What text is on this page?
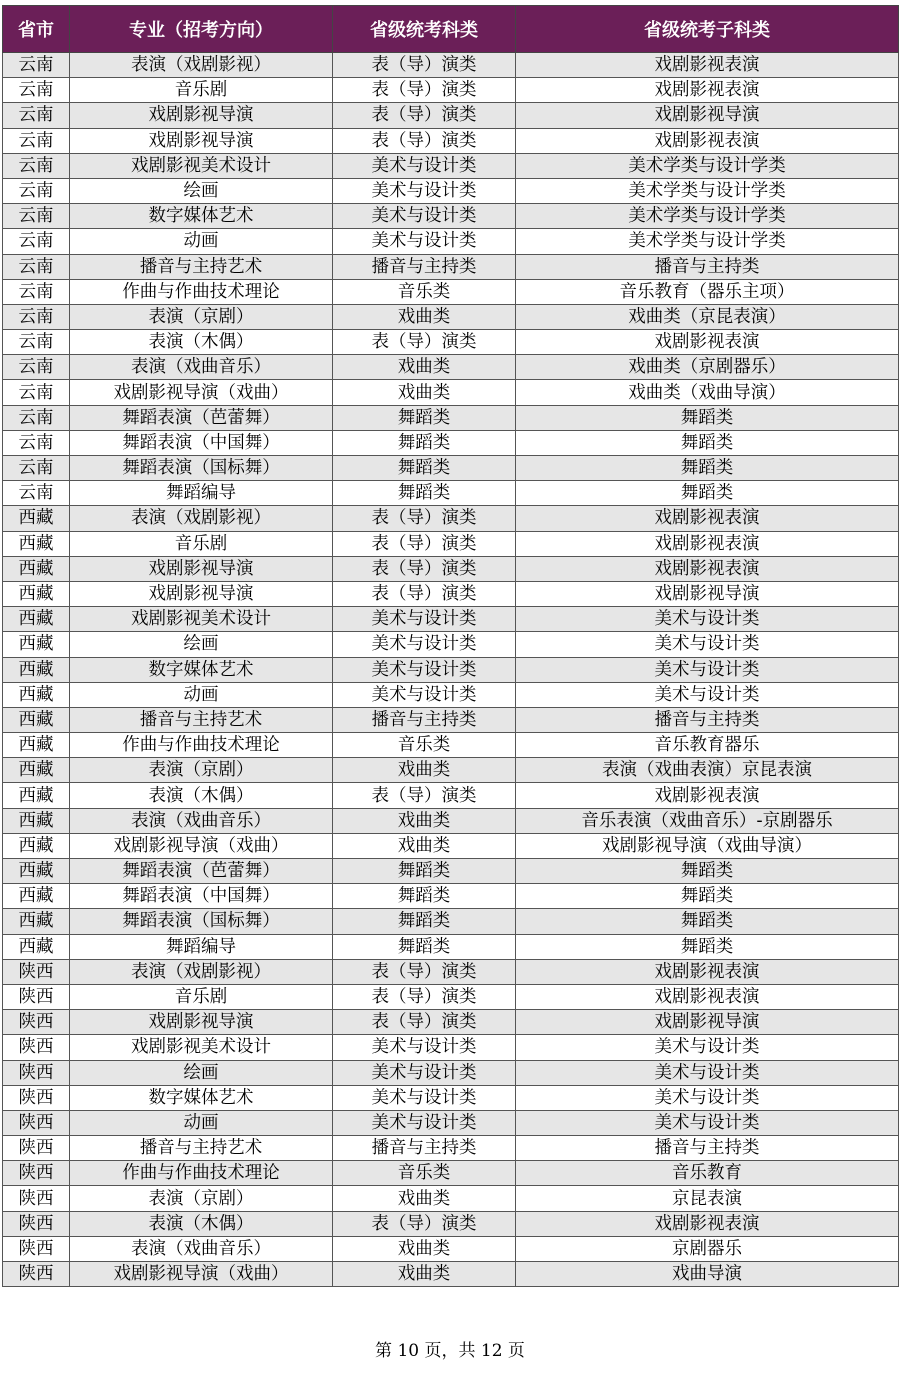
省市	专业（招考方向）	省级统考科类	省级统考子科类
云南	表演（戏剧影视）	表（导）演类	戏剧影视表演
云南	音乐剧	表（导）演类	戏剧影视表演
云南	戏剧影视导演	表（导）演类	戏剧影视导演
云南	戏剧影视导演	表（导）演类	戏剧影视表演
云南	戏剧影视美术设计	美术与设计类	美术学类与设计学类
云南	绘画	美术与设计类	美术学类与设计学类
云南	数字媒体艺术	美术与设计类	美术学类与设计学类
云南	动画	美术与设计类	美术学类与设计学类
云南	播音与主持艺术	播音与主持类	播音与主持类
云南	作曲与作曲技术理论	音乐类	音乐教育（器乐主项）
云南	表演（京剧）	戏曲类	戏曲类（京昆表演）
云南	表演（木偶）	表（导）演类	戏剧影视表演
云南	表演（戏曲音乐）	戏曲类	戏曲类（京剧器乐）
云南	戏剧影视导演（戏曲）	戏曲类	戏曲类（戏曲导演）
云南	舞蹈表演（芭蕾舞）	舞蹈类	舞蹈类
云南	舞蹈表演（中国舞）	舞蹈类	舞蹈类
云南	舞蹈表演（国标舞）	舞蹈类	舞蹈类
云南	舞蹈编导	舞蹈类	舞蹈类
西藏	表演（戏剧影视）	表（导）演类	戏剧影视表演
西藏	音乐剧	表（导）演类	戏剧影视表演
西藏	戏剧影视导演	表（导）演类	戏剧影视表演
西藏	戏剧影视导演	表（导）演类	戏剧影视导演
西藏	戏剧影视美术设计	美术与设计类	美术与设计类
西藏	绘画	美术与设计类	美术与设计类
西藏	数字媒体艺术	美术与设计类	美术与设计类
西藏	动画	美术与设计类	美术与设计类
西藏	播音与主持艺术	播音与主持类	播音与主持类
西藏	作曲与作曲技术理论	音乐类	音乐教育器乐
西藏	表演（京剧）	戏曲类	表演（戏曲表演）京昆表演
西藏	表演（木偶）	表（导）演类	戏剧影视表演
西藏	表演（戏曲音乐）	戏曲类	音乐表演（戏曲音乐）-京剧器乐
西藏	戏剧影视导演（戏曲）	戏曲类	戏剧影视导演（戏曲导演）
西藏	舞蹈表演（芭蕾舞）	舞蹈类	舞蹈类
西藏	舞蹈表演（中国舞）	舞蹈类	舞蹈类
西藏	舞蹈表演（国标舞）	舞蹈类	舞蹈类
西藏	舞蹈编导	舞蹈类	舞蹈类
陕西	表演（戏剧影视）	表（导）演类	戏剧影视表演
陕西	音乐剧	表（导）演类	戏剧影视表演
陕西	戏剧影视导演	表（导）演类	戏剧影视导演
陕西	戏剧影视美术设计	美术与设计类	美术与设计类
陕西	绘画	美术与设计类	美术与设计类
陕西	数字媒体艺术	美术与设计类	美术与设计类
陕西	动画	美术与设计类	美术与设计类
陕西	播音与主持艺术	播音与主持类	播音与主持类
陕西	作曲与作曲技术理论	音乐类	音乐教育
陕西	表演（京剧）	戏曲类	京昆表演
陕西	表演（木偶）	表（导）演类	戏剧影视表演
陕西	表演（戏曲音乐）	戏曲类	京剧器乐
陕西	戏剧影视导演（戏曲）	戏曲类	戏曲导演
第 10 页，共 12 页
